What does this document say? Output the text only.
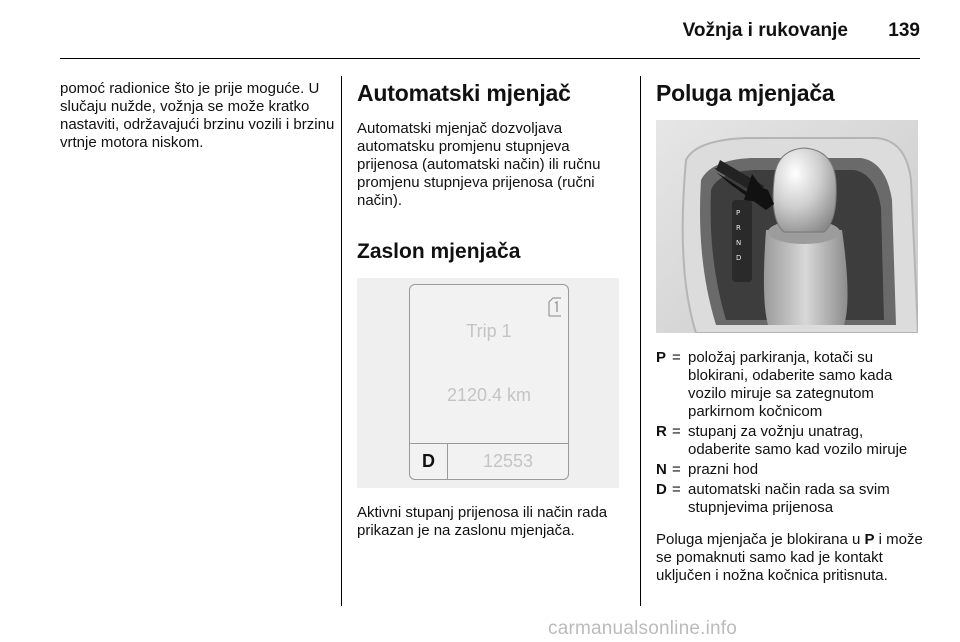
Vožnja i rukovanje 139

pomoć radionice što je prije moguće. U slučaju nužde, vožnja se može kratko nastaviti, održavajući brzinu vozili i brzinu vrtnje motora niskom.

Automatski mjenjač

Automatski mjenjač dozvoljava automatsku promjenu stupnjeva prijenosa (automatski način) ili ručnu promjenu stupnjeva prijenosa (ručni način).

Zaslon mjenjača
Trip 1
2120.4 km
D	12553

Aktivni stupanj prijenosa ili način rada prikazan je na zaslonu mjenjača.

Poluga mjenjača
P
R
N
D
P = položaj parkiranja, kotači su blokirani, odaberite samo kada vozilo miruje sa zategnutom parkirnom kočnicom
R = stupanj za vožnju unatrag, odaberite samo kad vozilo miruje
N = prazni hod
D = automatski način rada sa svim stupnjevima prijenosa

Poluga mjenjača je blokirana u P i može se pomaknuti samo kad je kontakt uključen i nožna kočnica pritisnuta.

carmanualsonline.info
